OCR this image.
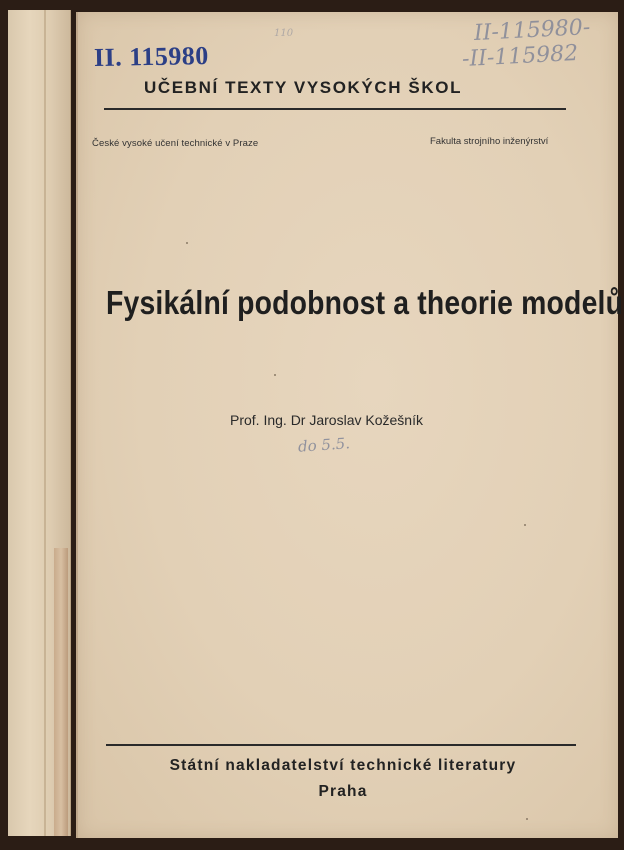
II. 115980
110	II-115980-
-II-115982
UČEBNÍ TEXTY VYSOKÝCH ŠKOL
České vysoké učení technické v Praze	Fakulta strojního inženýrství
Fysikální podobnost a theorie modelů
Prof. Ing. Dr Jaroslav Kožešník
do 5.5.
Státní nakladatelství technické literatury
Praha
